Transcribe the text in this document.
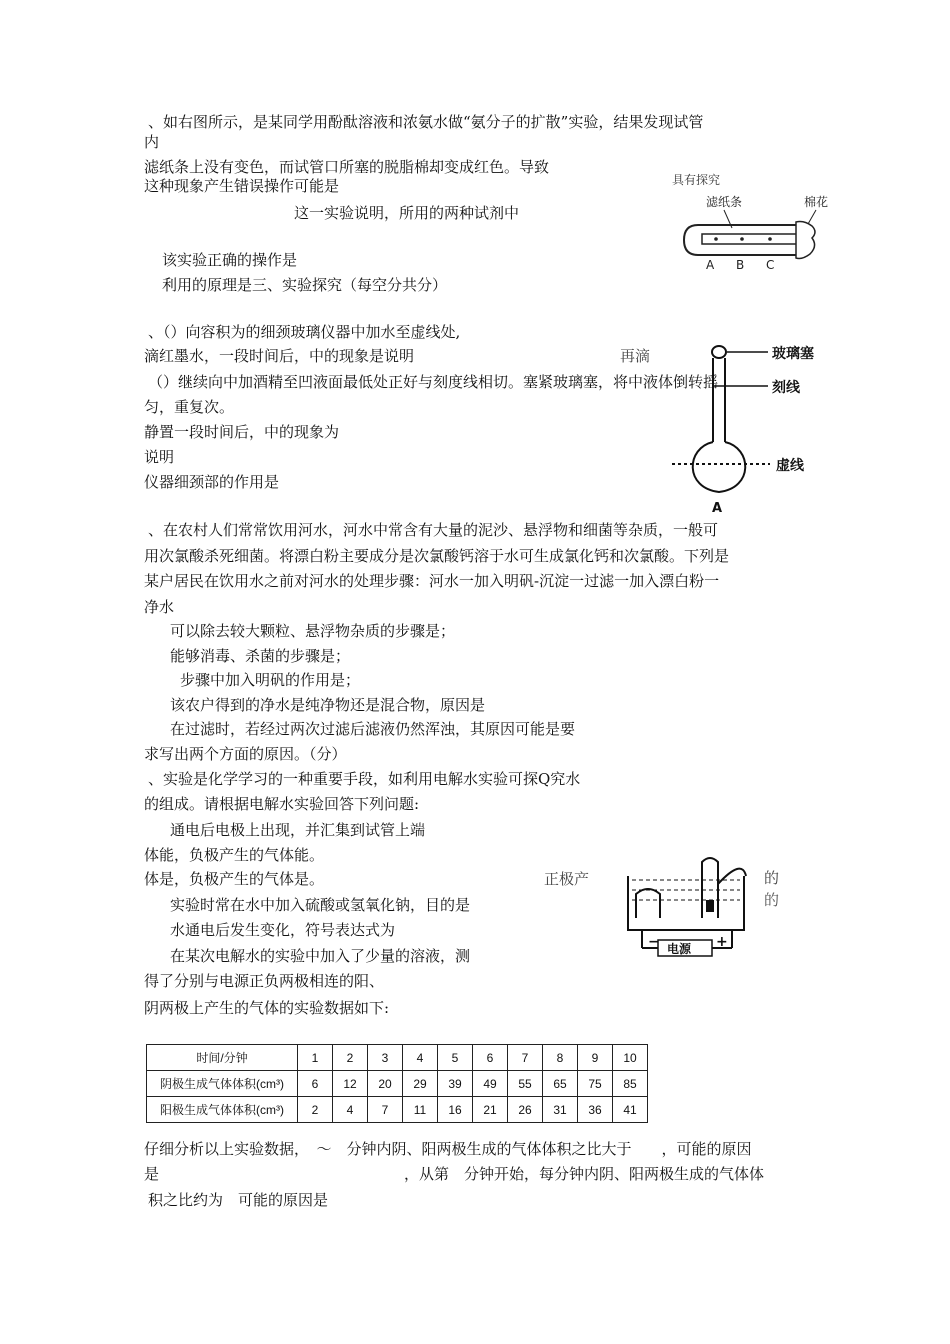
、如右图所示，是某同学用酚酞溶液和浓氨水做“氨分子的扩散”实验，结果发现试管
内
滤纸条上没有变色，而试管口所塞的脱脂棉却变成红色。导致
这种现象产生错误操作可能是
这一实验说明，所用的两种试剂中
该实验正确的操作是
利用的原理是三、实验探究（每空分共分）
具有探究
滤纸条	棉花
A B C
、（）向容积为的细颈玻璃仪器中加水至虚线处,
滴红墨水，一段时间后，中的现象是说明	再滴
（）继续向中加酒精至凹液面最低处正好与刻度线相切。塞紧玻璃塞，将中液体倒转摇
匀，重复次。
静置一段时间后，中的现象为
说明
仪器细颈部的作用是
玻璃塞
刻线
虚线
A
、在农村人们常常饮用河水，河水中常含有大量的泥沙、悬浮物和细菌等杂质，一般可
用次氯酸杀死细菌。将漂白粉主要成分是次氯酸钙溶于水可生成氯化钙和次氯酸。下列是
某户居民在饮用水之前对河水的处理步骤：河水一加入明矾-沉淀一过滤一加入漂白粉一
净水
可以除去较大颗粒、悬浮物杂质的步骤是；
能够消毒、杀菌的步骤是；
步骤中加入明矾的作用是；
该农户得到的净水是纯净物还是混合物，原因是
在过滤时，若经过两次过滤后滤液仍然浑浊，其原因可能是要
求写出两个方面的原因。（分）
、实验是化学学习的一种重要手段，如利用电解水实验可探Q究水
的组成。请根据电解水实验回答下列问题:
通电后电极上出现，并汇集到试管上端
体能，负极产生的气体能。
体是，负极产生的气体是。	正极产	的
的
实验时常在水中加入硫酸或氢氧化钠，目的是
水通电后发生变化，符号表达式为
在某次电解水的实验中加入了少量的溶液，测
得了分别与电源正负两极相连的阳、
阴两极上产生的气体的实验数据如下:
电源
−	+
时间/分钟	1	2	3	4	5	6	7	8	9	10
阴极生成气体体积(cm³)	6	12	20	29	39	49	55	65	75	85
阳极生成气体体积(cm³)	2	4	7	11	16	21	26	31	36	41
仔细分析以上实验数据，　～　分钟内阴、阳两极生成的气体体积之比大于　　，可能的原因
是	，从第　分钟开始，每分钟内阴、阳两极生成的气体体
积之比约为　可能的原因是
